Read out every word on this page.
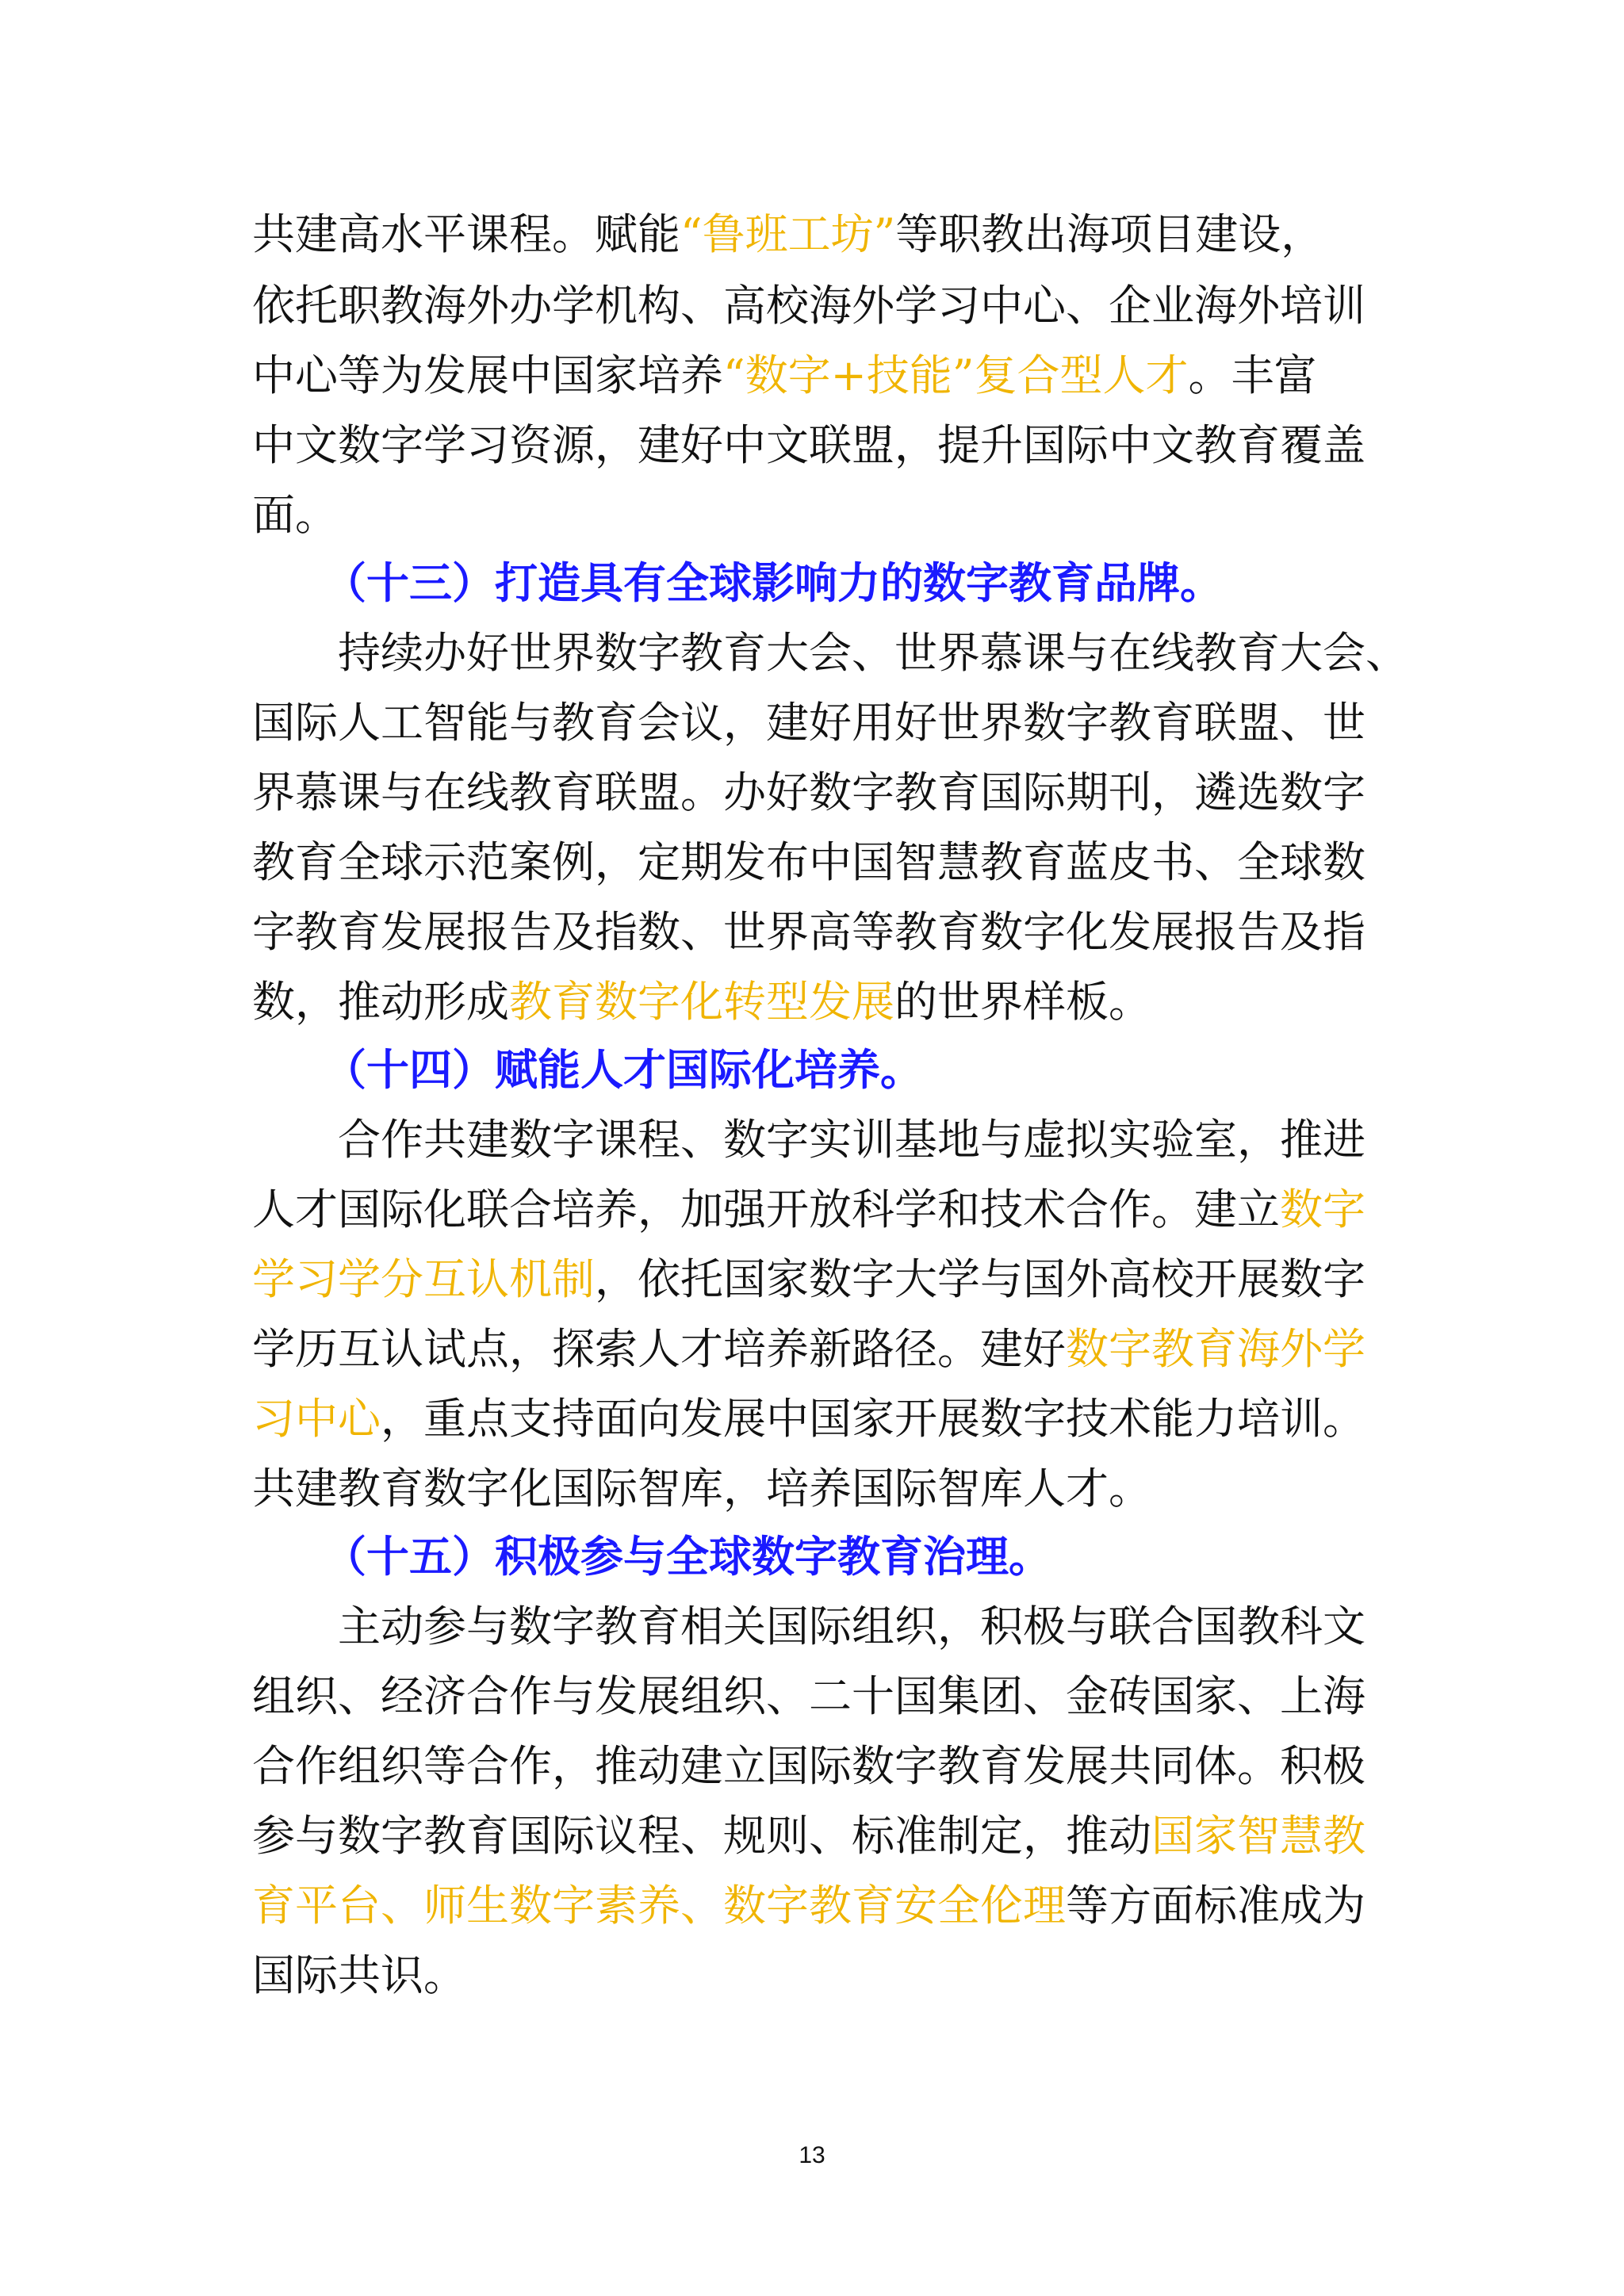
共建高水平课程。赋能“鲁班工坊”等职教出海项目建设，
依托职教海外办学机构、高校海外学习中心、企业海外培训
中心等为发展中国家培养“数字+技能”复合型人才。丰富
中文数字学习资源，建好中文联盟，提升国际中文教育覆盖
面。
（十三）打造具有全球影响力的数字教育品牌。
持续办好世界数字教育大会、世界慕课与在线教育大会、
国际人工智能与教育会议，建好用好世界数字教育联盟、世
界慕课与在线教育联盟。办好数字教育国际期刊，遴选数字
教育全球示范案例，定期发布中国智慧教育蓝皮书、全球数
字教育发展报告及指数、世界高等教育数字化发展报告及指
数，推动形成教育数字化转型发展的世界样板。
（十四）赋能人才国际化培养。
合作共建数字课程、数字实训基地与虚拟实验室，推进
人才国际化联合培养，加强开放科学和技术合作。建立数字
学习学分互认机制，依托国家数字大学与国外高校开展数字
学历互认试点，探索人才培养新路径。建好数字教育海外学
习中心，重点支持面向发展中国家开展数字技术能力培训。
共建教育数字化国际智库，培养国际智库人才。
（十五）积极参与全球数字教育治理。
主动参与数字教育相关国际组织，积极与联合国教科文
组织、经济合作与发展组织、二十国集团、金砖国家、上海
合作组织等合作，推动建立国际数字教育发展共同体。积极
参与数字教育国际议程、规则、标准制定，推动国家智慧教
育平台、师生数字素养、数字教育安全伦理等方面标准成为
国际共识。
13
